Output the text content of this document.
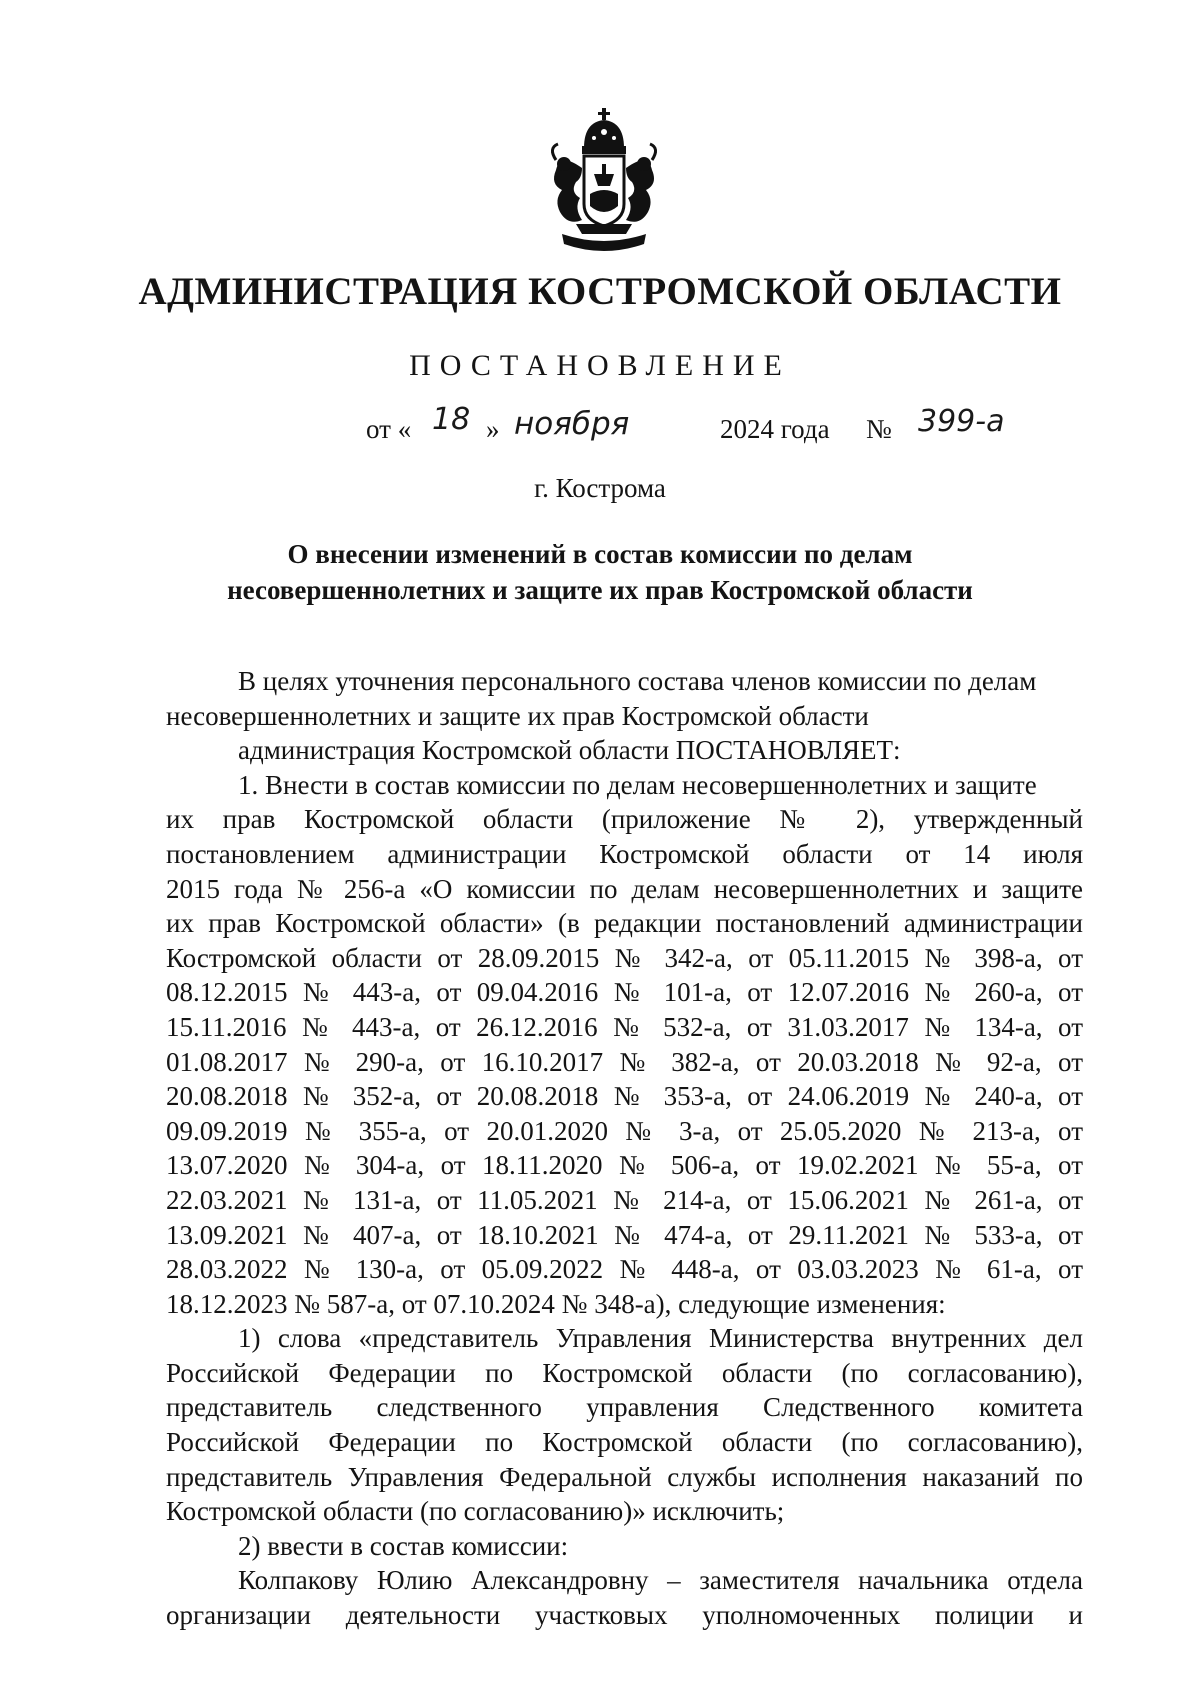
АДМИНИСТРАЦИЯ КОСТРОМСКОЙ ОБЛАСТИ
ПОСТАНОВЛЕНИЕ
от « 18 » ноября	2024 года № 399-а
г. Кострома
О внесении изменений в состав комиссии по делам
несовершеннолетних и защите их прав Костромской области
В целях уточнения персонального состава членов комиссии по делам
несовершеннолетних и защите их прав Костромской области
администрация Костромской области ПОСТАНОВЛЯЕТ:
1. Внести в состав комиссии по делам несовершеннолетних и защите
их прав Костромской области (приложение № 2), утвержденный
постановлением администрации Костромской области от 14 июля
2015 года № 256-а «О комиссии по делам несовершеннолетних и защите
их прав Костромской области» (в редакции постановлений администрации
Костромской области от 28.09.2015 № 342-а, от 05.11.2015 № 398-а, от
08.12.2015 № 443-а, от 09.04.2016 № 101-а, от 12.07.2016 № 260-а, от
15.11.2016 № 443-а, от 26.12.2016 № 532-а, от 31.03.2017 № 134-а, от
01.08.2017 № 290-а, от 16.10.2017 № 382-а, от 20.03.2018 № 92-а, от
20.08.2018 № 352-а, от 20.08.2018 № 353-а, от 24.06.2019 № 240-а, от
09.09.2019 № 355-а, от 20.01.2020 № 3-а, от 25.05.2020 № 213-а, от
13.07.2020 № 304-а, от 18.11.2020 № 506-а, от 19.02.2021 № 55-а, от
22.03.2021 № 131-а, от 11.05.2021 № 214-а, от 15.06.2021 № 261-а, от
13.09.2021 № 407-а, от 18.10.2021 № 474-а, от 29.11.2021 № 533-а, от
28.03.2022 № 130-а, от 05.09.2022 № 448-а, от 03.03.2023 № 61-а, от
18.12.2023 № 587-а, от 07.10.2024 № 348-а), следующие изменения:
1) слова «представитель Управления Министерства внутренних дел
Российской Федерации по Костромской области (по согласованию),
представитель следственного управления Следственного комитета
Российской Федерации по Костромской области (по согласованию),
представитель Управления Федеральной службы исполнения наказаний по
Костромской области (по согласованию)» исключить;
2) ввести в состав комиссии:
Колпакову Юлию Александровну – заместителя начальника отдела
организации деятельности участковых уполномоченных полиции и
